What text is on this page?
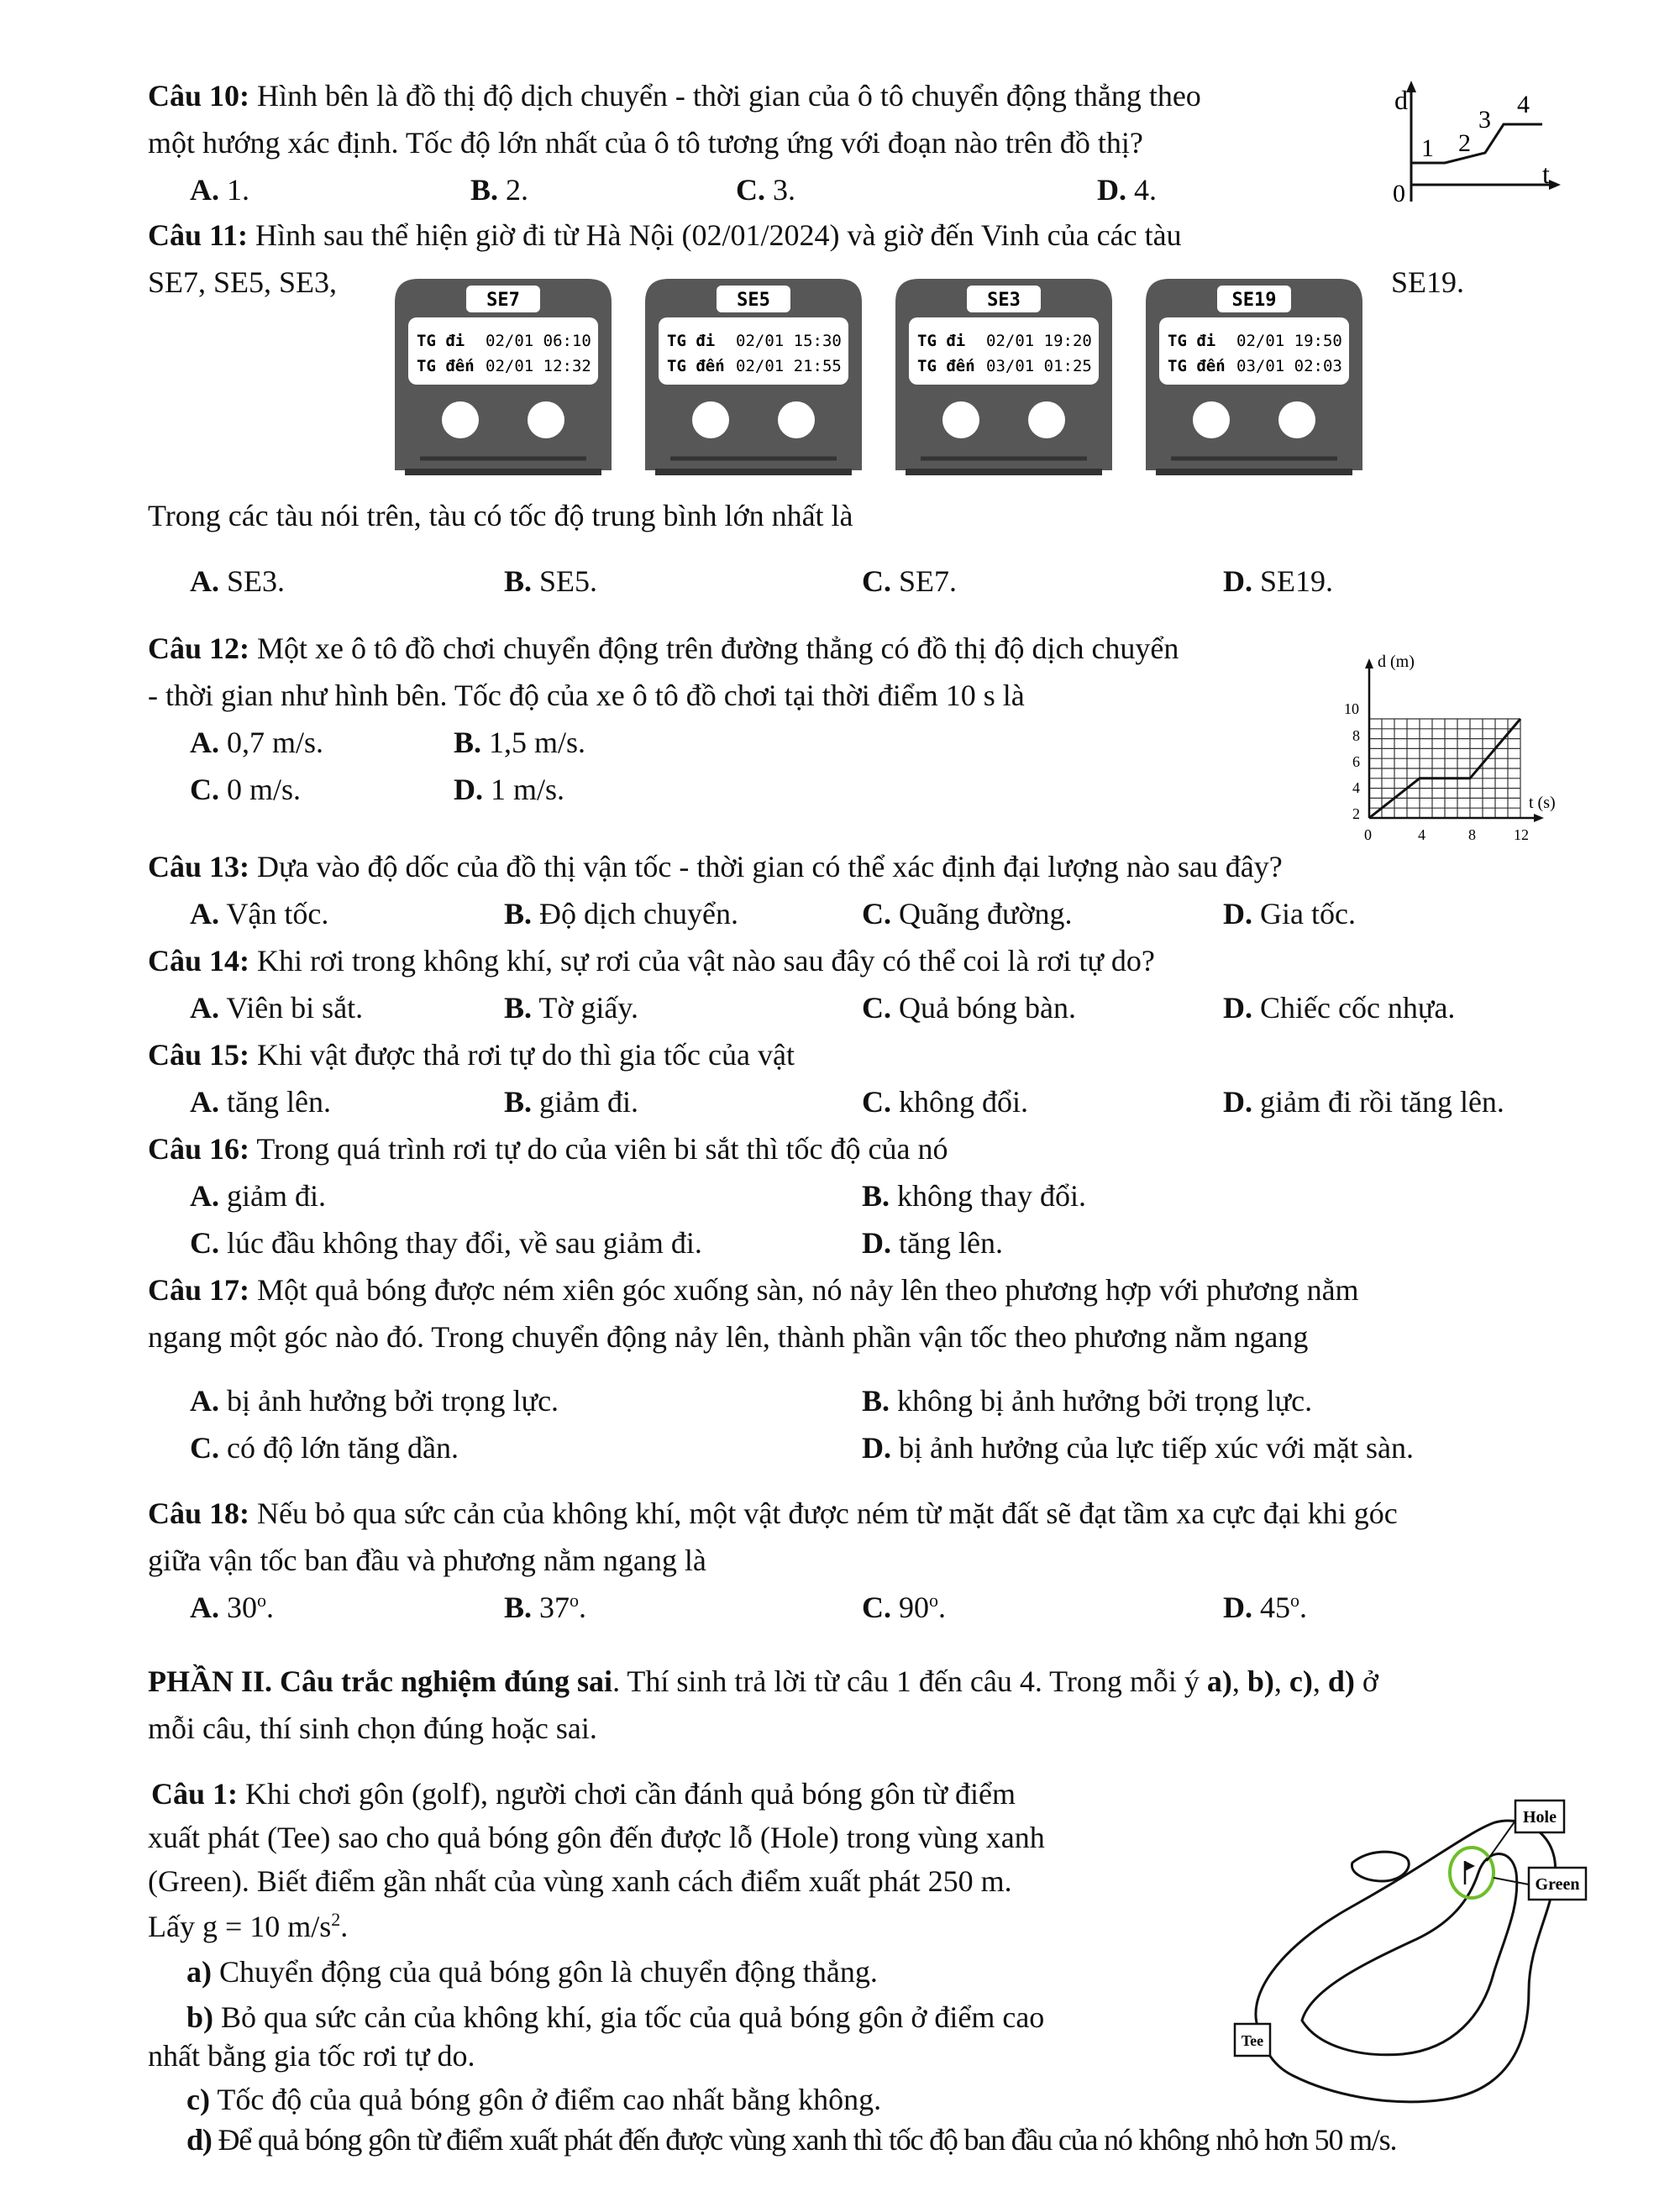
Câu 10: Hình bên là đồ thị độ dịch chuyển - thời gian của ô tô chuyển động thẳng theo
một hướng xác định. Tốc độ lớn nhất của ô tô tương ứng với đoạn nào trên đồ thị?
A. 1.	B. 2.	C. 3.	D. 4.
d
t
0
1 2
3
4
Câu 11: Hình sau thể hiện giờ đi từ Hà Nội (02/01/2024) và giờ đến Vinh của các tàu
SE7, SE5, SE3,	SE19.
SE7
TG đi 02/01 06:10
TG đến 02/01 12:32
SE5
TG đi 02/01 15:30
TG đến 02/01 21:55
SE3
TG đi 02/01 19:20
TG đến 03/01 01:25
SE19
TG đi 02/01 19:50
TG đến 03/01 02:03
Trong các tàu nói trên, tàu có tốc độ trung bình lớn nhất là
A. SE3.	B. SE5.	C. SE7.	D. SE19.
Câu 12: Một xe ô tô đồ chơi chuyển động trên đường thẳng có đồ thị độ dịch chuyển
- thời gian như hình bên. Tốc độ của xe ô tô đồ chơi tại thời điểm 10 s là
A. 0,7 m/s.	B. 1,5 m/s.
C. 0 m/s.	D. 1 m/s.
d (m)
t (s)
10
8
6
4
2
0	4	8	12
Câu 13: Dựa vào độ dốc của đồ thị vận tốc - thời gian có thể xác định đại lượng nào sau đây?
A. Vận tốc.	B. Độ dịch chuyển.	C. Quãng đường.	D. Gia tốc.
Câu 14: Khi rơi trong không khí, sự rơi của vật nào sau đây có thể coi là rơi tự do?
A. Viên bi sắt.	B. Tờ giấy.	C. Quả bóng bàn.	D. Chiếc cốc nhựa.
Câu 15: Khi vật được thả rơi tự do thì gia tốc của vật
A. tăng lên.	B. giảm đi.	C. không đổi.	D. giảm đi rồi tăng lên.
Câu 16: Trong quá trình rơi tự do của viên bi sắt thì tốc độ của nó
A. giảm đi.	B. không thay đổi.
C. lúc đầu không thay đổi, về sau giảm đi.	D. tăng lên.
Câu 17: Một quả bóng được ném xiên góc xuống sàn, nó nảy lên theo phương hợp với phương nằm
ngang một góc nào đó. Trong chuyển động nảy lên, thành phần vận tốc theo phương nằm ngang
A. bị ảnh hưởng bởi trọng lực.	B. không bị ảnh hưởng bởi trọng lực.
C. có độ lớn tăng dần.	D. bị ảnh hưởng của lực tiếp xúc với mặt sàn.
Câu 18: Nếu bỏ qua sức cản của không khí, một vật được ném từ mặt đất sẽ đạt tầm xa cực đại khi góc
giữa vận tốc ban đầu và phương nằm ngang là
A. 30$^o$.	B. 37$^o$.	C. 90$^o$.	D. 45$^o$.
PHẦN II. Câu trắc nghiệm đúng sai. Thí sinh trả lời từ câu 1 đến câu 4. Trong mỗi ý a), b), c), d) ở
mỗi câu, thí sinh chọn đúng hoặc sai.
Câu 1: Khi chơi gôn (golf), người chơi cần đánh quả bóng gôn từ điểm
xuất phát (Tee) sao cho quả bóng gôn đến được lỗ (Hole) trong vùng xanh
(Green). Biết điểm gần nhất của vùng xanh cách điểm xuất phát 250 m.
Lấy g = 10 $m/s^2$.
a) Chuyển động của quả bóng gôn là chuyển động thẳng.
b) Bỏ qua sức cản của không khí, gia tốc của quả bóng gôn ở điểm cao
nhất bằng gia tốc rơi tự do.
c) Tốc độ của quả bóng gôn ở điểm cao nhất bằng không.
d) Để quả bóng gôn từ điểm xuất phát đến được vùng xanh thì tốc độ ban đầu của nó không nhỏ hơn 50 m/s.
Hole
Green
Tee
